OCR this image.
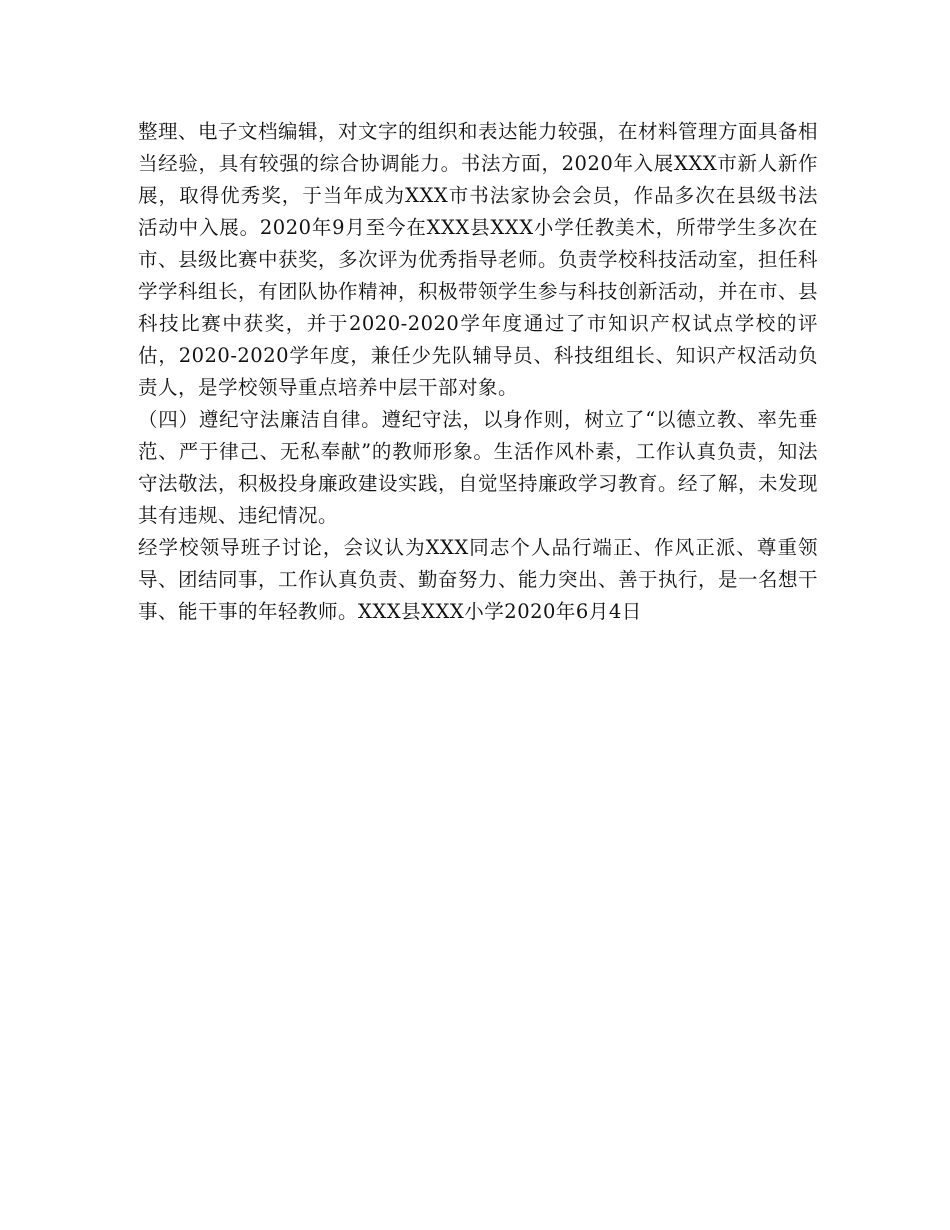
整理、电子文档编辑，对文字的组织和表达能力较强，在材料管理方面具备相当经验，具有较强的综合协调能力。书法方面，2020年入展XXX市新人新作展，取得优秀奖，于当年成为XXX市书法家协会会员，作品多次在县级书法活动中入展。2020年9月至今在XXX县XXX小学任教美术，所带学生多次在市、县级比赛中获奖，多次评为优秀指导老师。负责学校科技活动室，担任科学学科组长，有团队协作精神，积极带领学生参与科技创新活动，并在市、县科技比赛中获奖，并于2020-2020学年度通过了市知识产权试点学校的评估，2020-2020学年度，兼任少先队辅导员、科技组组长、知识产权活动负责人，是学校领导重点培养中层干部对象。

（四）遵纪守法廉洁自律。遵纪守法，以身作则，树立了“以德立教、率先垂范、严于律己、无私奉献”的教师形象。生活作风朴素，工作认真负责，知法守法敬法，积极投身廉政建设实践，自觉坚持廉政学习教育。经了解，未发现其有违规、违纪情况。

经学校领导班子讨论，会议认为XXX同志个人品行端正、作风正派、尊重领导、团结同事，工作认真负责、勤奋努力、能力突出、善于执行，是一名想干事、能干事的年轻教师。XXX县XXX小学2020年6月4日
